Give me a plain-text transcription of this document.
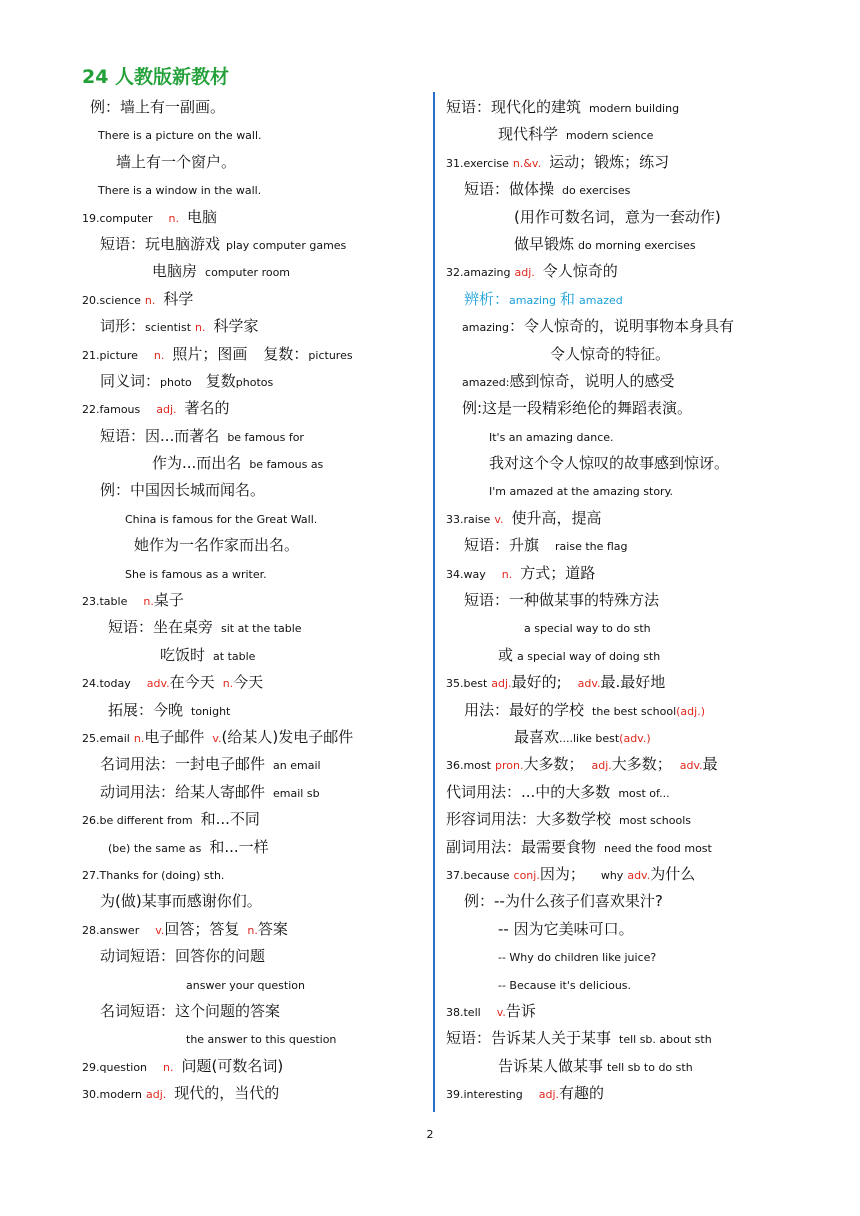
24 人教版新教材
例：墙上有一副画。
There is a picture on the wall.
墙上有一个窗户。
There is a window in the wall.
19.computer n. 电脑
短语：玩电脑游戏 play computer games
电脑房 computer room
20.science n. 科学
词形：scientist n. 科学家
21.picture n. 照片；图画 复数：pictures
同义词：photo 复数photos
22.famous adj. 著名的
短语：因...而著名 be famous for
作为...而出名 be famous as
例：中国因长城而闻名。
China is famous for the Great Wall.
她作为一名作家而出名。
She is famous as a writer.
23.table n.桌子
短语：坐在桌旁 sit at the table
吃饭时 at table
24.today adv.在今天 n.今天
拓展：今晚 tonight
25.email n.电子邮件 v.(给某人)发电子邮件
名词用法：一封电子邮件 an email
动词用法：给某人寄邮件 email sb
26.be different from 和...不同
(be) the same as 和...一样
27.Thanks for (doing) sth.
为(做)某事而感谢你们。
28.answer v.回答；答复 n.答案
动词短语：回答你的问题
answer your question
名词短语：这个问题的答案
the answer to this question
29.question n. 问题(可数名词)
30.modern adj. 现代的，当代的
短语：现代化的建筑 modern building
现代科学 modern science
31.exercise n.&v. 运动；锻炼；练习
短语：做体操 do exercises
(用作可数名词，意为一套动作)
做早锻炼 do morning exercises
32.amazing adj. 令人惊奇的
辨析：amazing 和 amazed
amazing：令人惊奇的，说明事物本身具有
令人惊奇的特征。
amazed:感到惊奇，说明人的感受
例:这是一段精彩绝伦的舞蹈表演。
It's an amazing dance.
我对这个令人惊叹的故事感到惊讶。
I'm amazed at the amazing story.
33.raise v. 使升高，提高
短语：升旗 raise the flag
34.way n. 方式；道路
短语：一种做某事的特殊方法
a special way to do sth
或 a special way of doing sth
35.best adj.最好的; adv.最.最好地
用法：最好的学校 the best school(adj.)
最喜欢....like best(adv.)
36.most pron.大多数； adj.大多数； adv.最
代词用法：...中的大多数 most of...
形容词用法：大多数学校 most schools
副词用法：最需要食物 need the food most
37.because conj.因为； why adv.为什么
例：--为什么孩子们喜欢果汁?
-- 因为它美味可口。
-- Why do children like juice?
-- Because it's delicious.
38.tell v.告诉
短语：告诉某人关于某事 tell sb. about sth
告诉某人做某事 tell sb to do sth
39.interesting adj.有趣的
2
